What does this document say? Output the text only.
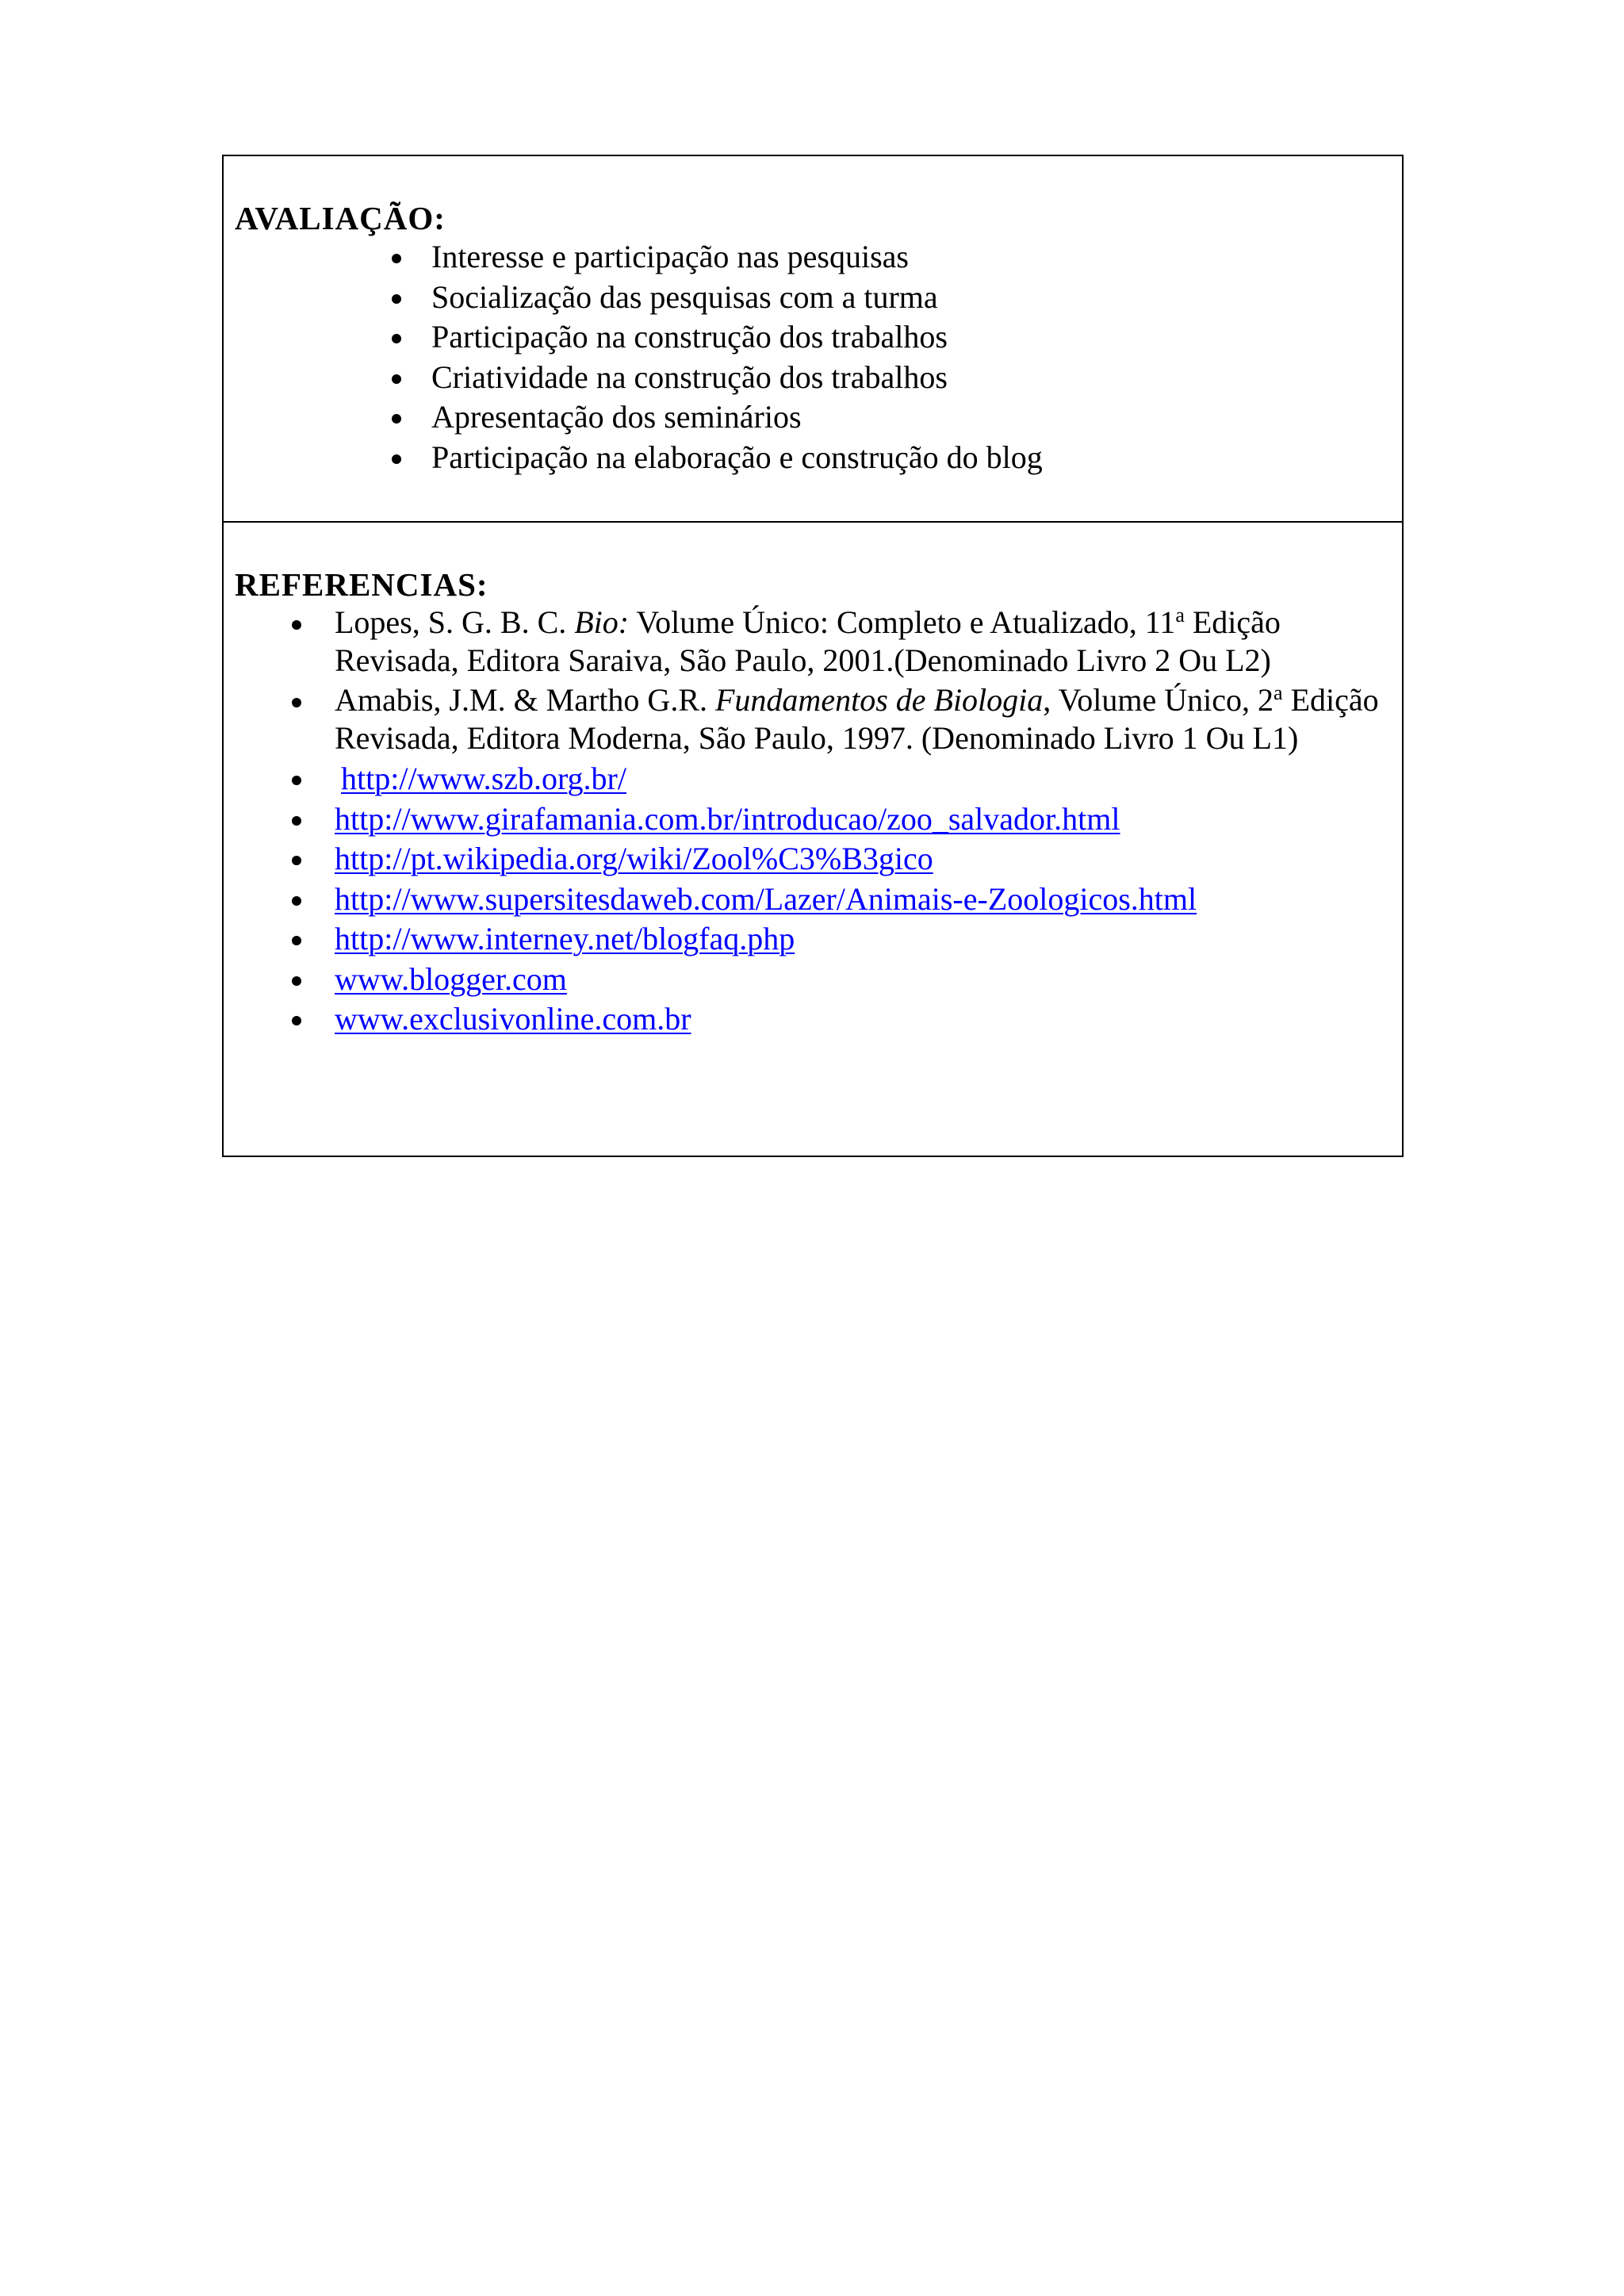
AVALIAÇÃO:

Interesse e participação nas pesquisas
Socialização das pesquisas com a turma
Participação na construção dos trabalhos
Criatividade na construção dos trabalhos
Apresentação dos seminários
Participação na elaboração e construção do blog

REFERENCIAS:

Lopes, S. G. B. C. Bio: Volume Único: Completo e Atualizado, 11$^a$ Edição Revisada, Editora Saraiva, São Paulo, 2001.(Denominado Livro 2 Ou L2)
Amabis, J.M. & Martho G.R. Fundamentos de Biologia, Volume Único, 2$^a$ Edição Revisada, Editora Moderna, São Paulo, 1997. (Denominado Livro 1 Ou L1)
http://www.szb.org.br/
http://www.girafamania.com.br/introducao/zoo_salvador.html
http://pt.wikipedia.org/wiki/Zool%C3%B3gico
http://www.supersitesdaweb.com/Lazer/Animais-e-Zoologicos.html
http://www.interney.net/blogfaq.php
www.blogger.com
www.exclusivonline.com.br
